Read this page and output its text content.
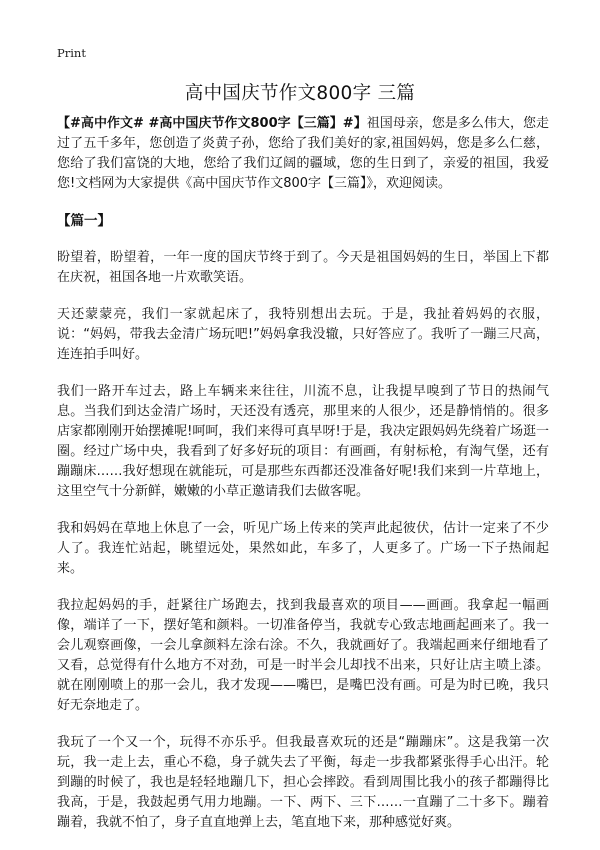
Print
高中国庆节作文800字 三篇

【#高中作文# #高中国庆节作文800字【三篇】#】祖国母亲，您是多么伟大，您走过了五千多年，您创造了炎黄子孙，您给了我们美好的家,祖国妈妈，您是多么仁慈，您给了我们富饶的大地，您给了我们辽阔的疆域，您的生日到了，亲爱的祖国，我爱您!文档网为大家提供《高中国庆节作文800字【三篇】》，欢迎阅读。

【篇一】

盼望着，盼望着，一年一度的国庆节终于到了。今天是祖国妈妈的生日，举国上下都在庆祝，祖国各地一片欢歌笑语。

天还蒙蒙亮，我们一家就起床了，我特别想出去玩。于是，我扯着妈妈的衣服，说：“妈妈，带我去金清广场玩吧!”妈妈拿我没辙，只好答应了。我听了一蹦三尺高，连连拍手叫好。

我们一路开车过去，路上车辆来来往往，川流不息，让我提早嗅到了节日的热闹气息。当我们到达金清广场时，天还没有透亮，那里来的人很少，还是静悄悄的。很多店家都刚刚开始摆摊呢!呵呵，我们来得可真早呀!于是，我决定跟妈妈先绕着广场逛一圈。经过广场中央，我看到了好多好玩的项目：有画画，有射标枪，有淘气堡，还有蹦蹦床……我好想现在就能玩，可是那些东西都还没准备好呢!我们来到一片草地上，这里空气十分新鲜，嫩嫩的小草正邀请我们去做客呢。

我和妈妈在草地上休息了一会，听见广场上传来的笑声此起彼伏，估计一定来了不少人了。我连忙站起，眺望远处，果然如此，车多了，人更多了。广场一下子热闹起来。

我拉起妈妈的手，赶紧往广场跑去，找到我最喜欢的项目——画画。我拿起一幅画像，端详了一下，摆好笔和颜料。一切准备停当，我就专心致志地画起画来了。我一会儿观察画像，一会儿拿颜料左涂右涂。不久，我就画好了。我端起画来仔细地看了又看，总觉得有什么地方不对劲，可是一时半会儿却找不出来，只好让店主喷上漆。就在刚刚喷上的那一会儿，我才发现——嘴巴，是嘴巴没有画。可是为时已晚，我只好无奈地走了。

我玩了一个又一个，玩得不亦乐乎。但我最喜欢玩的还是“蹦蹦床”。这是我第一次玩，我一走上去，重心不稳，身子就失去了平衡，每走一步我都紧张得手心出汗。轮到蹦的时候了，我也是轻轻地蹦几下，担心会摔跤。看到周围比我小的孩子都蹦得比我高，于是，我鼓起勇气用力地蹦。一下、两下、三下……一直蹦了二十多下。蹦着蹦着，我就不怕了，身子直直地弹上去，笔直地下来，那种感觉好爽。
